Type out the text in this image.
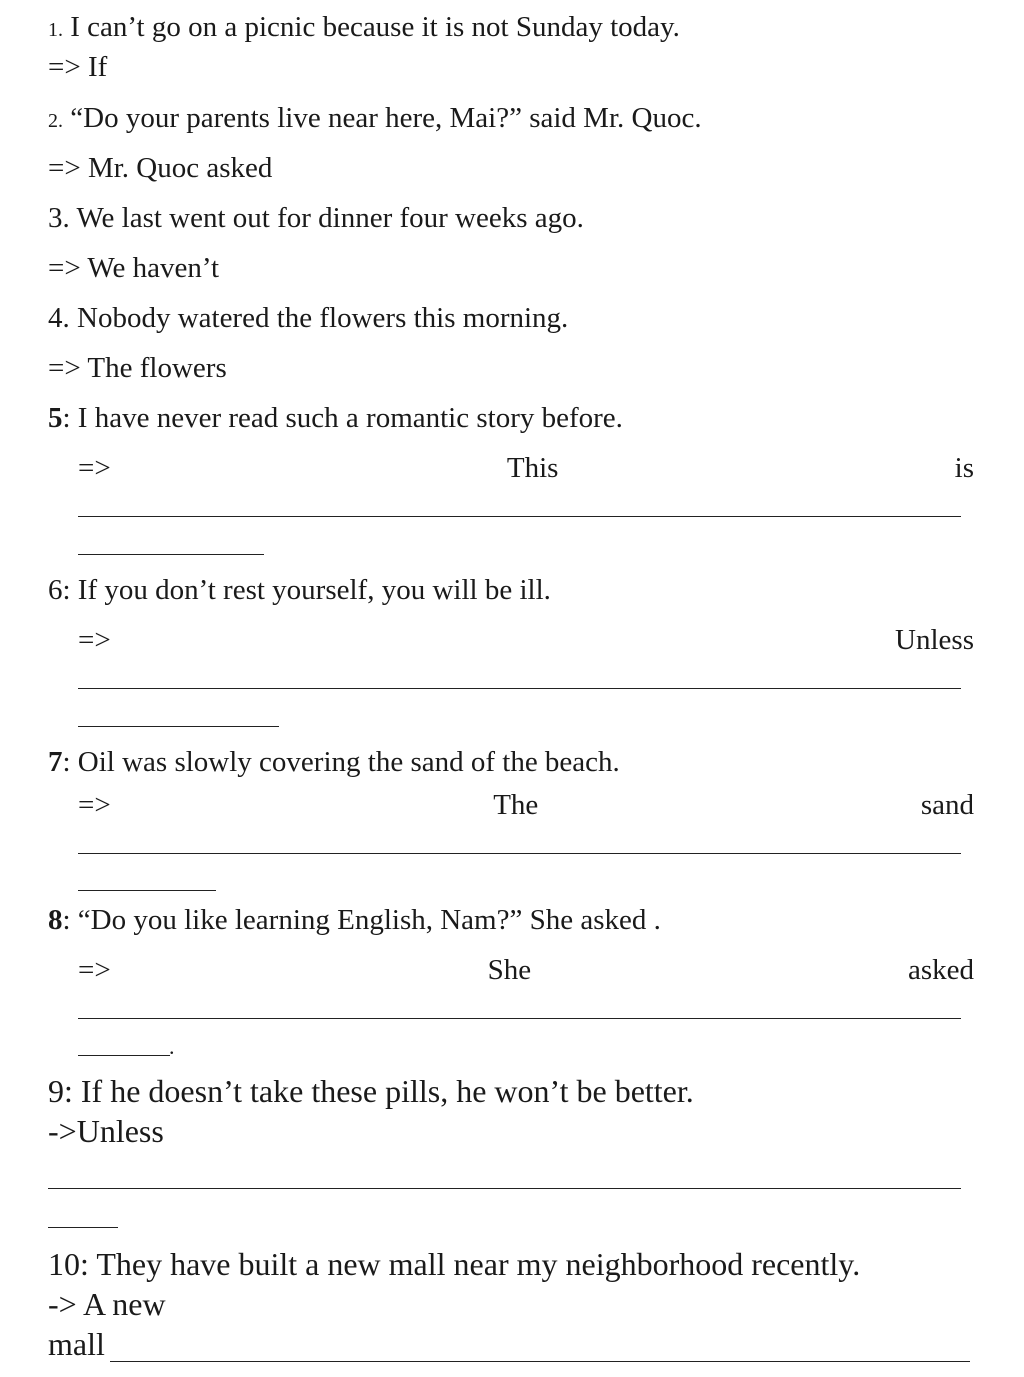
1. I can’t go on a picnic because it is not Sunday today.
=> If
2. “Do your parents live near here, Mai?” said Mr. Quoc.
=> Mr. Quoc asked
3. We last went out for dinner four weeks ago.
=> We haven’t
4. Nobody watered the flowers this morning.
=> The flowers
5: I have never read such a romantic story before.
=>	This	is
6: If you don’t rest yourself, you will be ill.
=>	Unless
7: Oil was slowly covering the sand of the beach.
=>	The	sand
8: “Do you like learning English, Nam?” She asked .
=>	She	asked
.
9: If he doesn’t take these pills, he won’t be better.
->Unless
10: They have built a new mall near my neighborhood recently.
-> A new
mall
